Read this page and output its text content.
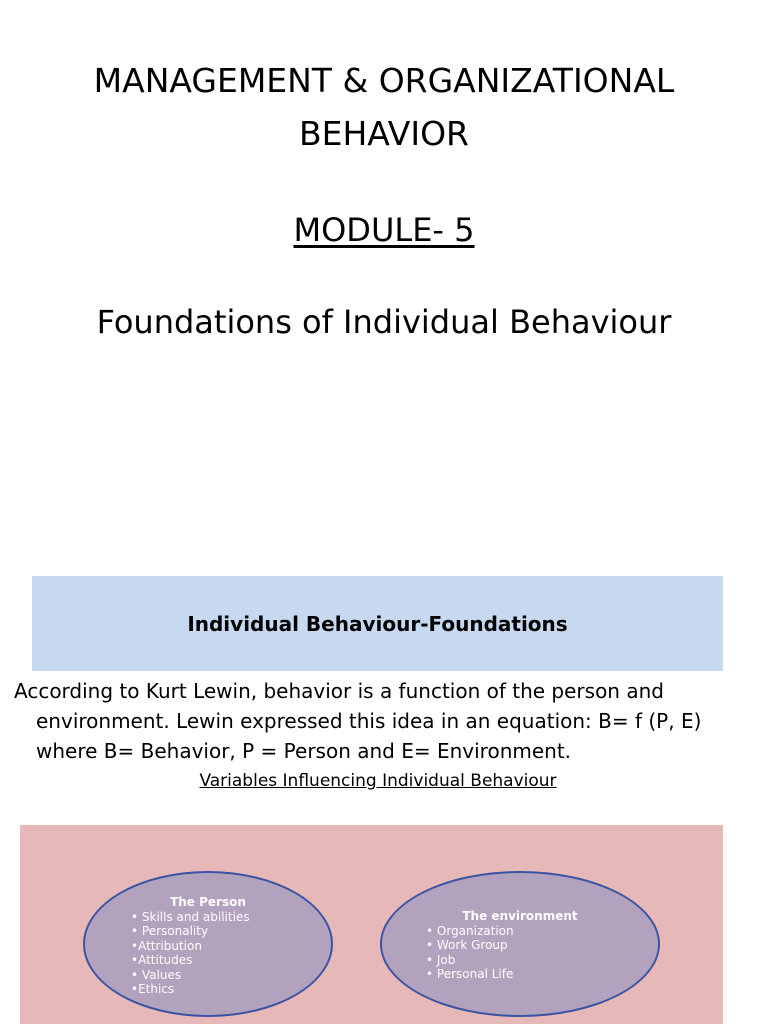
MANAGEMENT & ORGANIZATIONAL
BEHAVIOR
MODULE- 5
Foundations of Individual Behaviour
Individual Behaviour-Foundations
According to Kurt Lewin, behavior is a function of the person and
environment. Lewin expressed this idea in an equation: B= f (P, E)
where B= Behavior, P = Person and E= Environment.
Variables Influencing Individual Behaviour
The Person
• Skills and abilities
• Personality
•Attribution
•Attitudes
• Values
•Ethics
The environment
• Organization
• Work Group
• Job
• Personal Life
